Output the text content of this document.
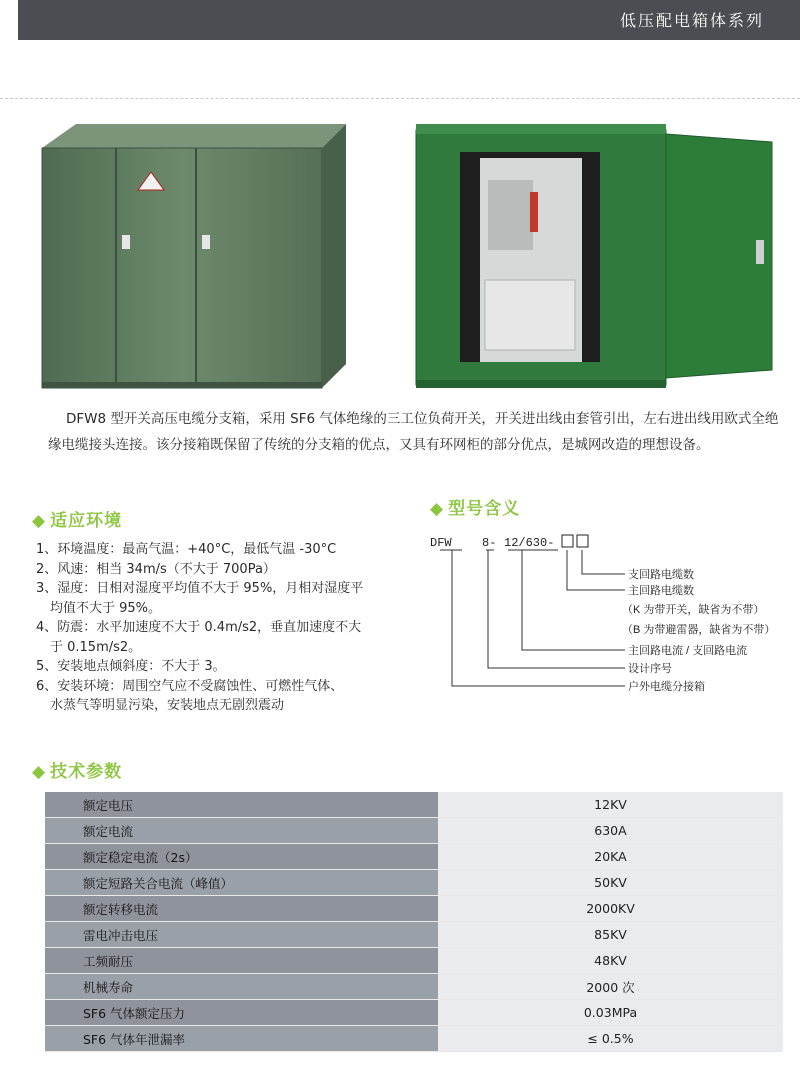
低压配电箱体系列
DFW8 型开关高压电缆分支箱，采用 SF6 气体绝缘的三工位负荷开关，开关进出线由套管引出，左右进出线用欧式全绝缘电缆接头连接。该分接箱既保留了传统的分支箱的优点，又具有环网柜的部分优点，是城网改造的理想设备。
◆ 适应环境
◆ 型号含义
◆ 技术参数
1、环境温度：最高气温：+40°C，最低气温 -30°C
2、风速：相当 34m/s（不大于 700Pa）
3、湿度：日相对湿度平均值不大于 95%，月相对湿度平
均值不大于 95%。
4、防震：水平加速度不大于 0.4m/s2，垂直加速度不大
于 0.15m/s2。
5、安装地点倾斜度：不大于 3。
6、安装环境：周围空气应不受腐蚀性、可燃性气体、
水蒸气等明显污染，安装地点无剧烈震动
DFW	8- 12/630-
支回路电缆数
主回路电缆数
（K 为带开关，缺省为不带）
（B 为带避雷器，缺省为不带）
主回路电流 / 支回路电流
设计序号
户外电缆分接箱
额定电压	12KV
额定电流	630A
额定稳定电流（2s）	20KA
额定短路关合电流（峰值）	50KV
额定转移电流	2000KV
雷电冲击电压	85KV
工频耐压	48KV
机械寿命	2000 次
SF6 气体额定压力	0.03MPa
SF6 气体年泄漏率	≤ 0.5%
